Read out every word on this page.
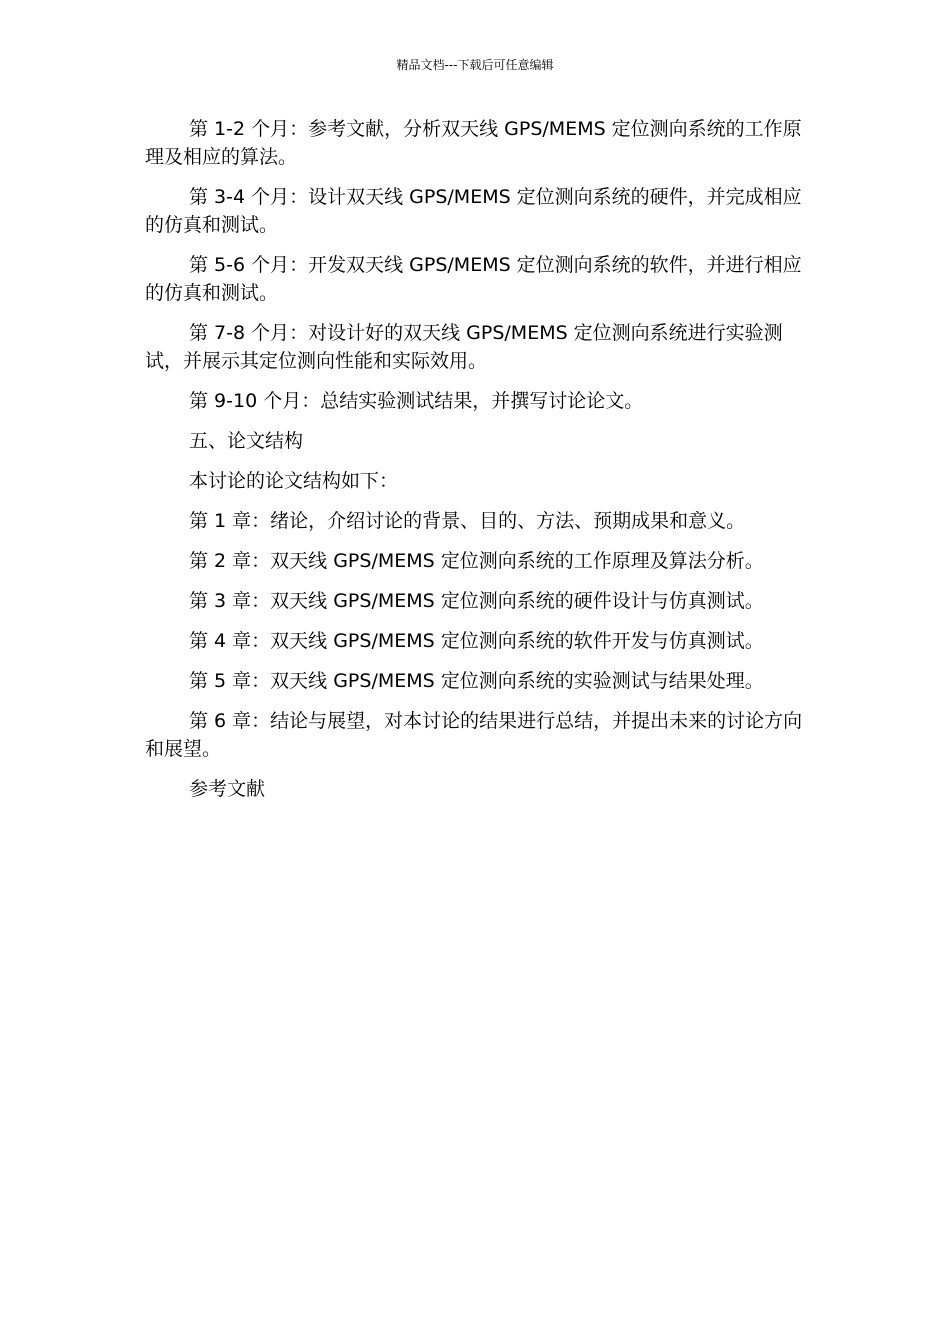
精品文档---下载后可任意编辑

第 1-2 个月：参考文献，分析双天线 GPS/MEMS 定位测向系统的工作原理及相应的算法。

第 3-4 个月：设计双天线 GPS/MEMS 定位测向系统的硬件，并完成相应的仿真和测试。

第 5-6 个月：开发双天线 GPS/MEMS 定位测向系统的软件，并进行相应的仿真和测试。

第 7-8 个月：对设计好的双天线 GPS/MEMS 定位测向系统进行实验测试，并展示其定位测向性能和实际效用。

第 9-10 个月：总结实验测试结果，并撰写讨论论文。

五、论文结构

本讨论的论文结构如下：

第 1 章：绪论，介绍讨论的背景、目的、方法、预期成果和意义。

第 2 章：双天线 GPS/MEMS 定位测向系统的工作原理及算法分析。

第 3 章：双天线 GPS/MEMS 定位测向系统的硬件设计与仿真测试。

第 4 章：双天线 GPS/MEMS 定位测向系统的软件开发与仿真测试。

第 5 章：双天线 GPS/MEMS 定位测向系统的实验测试与结果处理。

第 6 章：结论与展望，对本讨论的结果进行总结，并提出未来的讨论方向和展望。

参考文献
